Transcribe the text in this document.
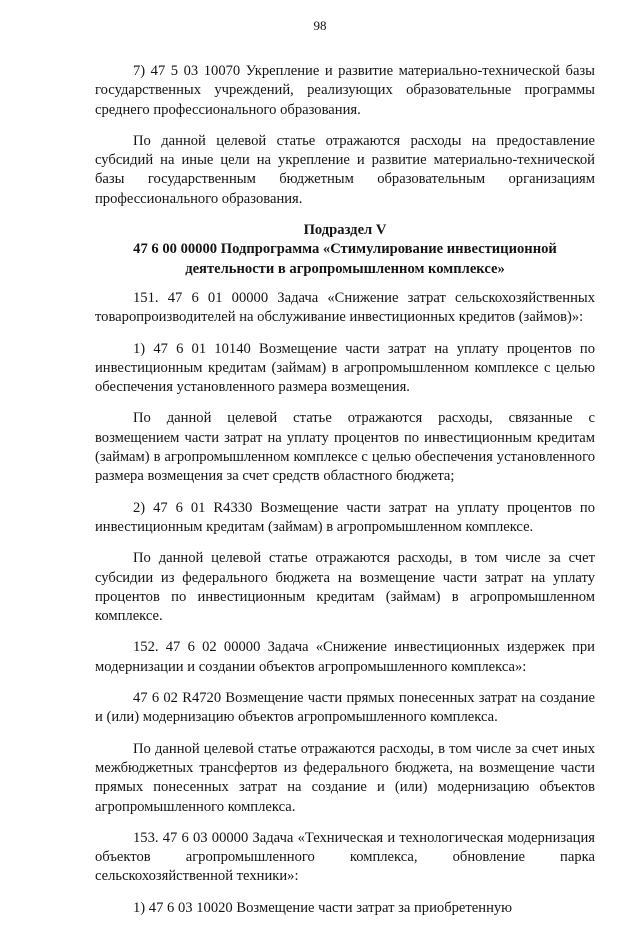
98

7) 47 5 03 10070 Укрепление и развитие материально-технической базы государственных учреждений, реализующих образовательные программы среднего профессионального образования.

По данной целевой статье отражаются расходы на предоставление субсидий на иные цели на укрепление и развитие материально-технической базы государственным бюджетным образовательным организациям профессионального образования.

Подраздел V

47 6 00 00000 Подпрограмма «Стимулирование инвестиционной деятельности в агропромышленном комплексе»

151. 47 6 01 00000 Задача «Снижение затрат сельскохозяйственных товаропроизводителей на обслуживание инвестиционных кредитов (займов)»:

1) 47 6 01 10140 Возмещение части затрат на уплату процентов по инвестиционным кредитам (займам) в агропромышленном комплексе с целью обеспечения установленного размера возмещения.

По данной целевой статье отражаются расходы, связанные с возмещением части затрат на уплату процентов по инвестиционным кредитам (займам) в агропромышленном комплексе с целью обеспечения установленного размера возмещения за счет средств областного бюджета;

2) 47 6 01 R4330 Возмещение части затрат на уплату процентов по инвестиционным кредитам (займам) в агропромышленном комплексе.

По данной целевой статье отражаются расходы, в том числе за счет субсидии из федерального бюджета на возмещение части затрат на уплату процентов по инвестиционным кредитам (займам) в агропромышленном комплексе.

152. 47 6 02 00000 Задача «Снижение инвестиционных издержек при модернизации и создании объектов агропромышленного комплекса»:

47 6 02 R4720 Возмещение части прямых понесенных затрат на создание и (или) модернизацию объектов агропромышленного комплекса.

По данной целевой статье отражаются расходы, в том числе за счет иных межбюджетных трансфертов из федерального бюджета, на возмещение части прямых понесенных затрат на создание и (или) модернизацию объектов агропромышленного комплекса.

153. 47 6 03 00000 Задача «Техническая и технологическая модернизация объектов агропромышленного комплекса, обновление парка сельскохозяйственной техники»:

1) 47 6 03 10020 Возмещение части затрат за приобретенную
